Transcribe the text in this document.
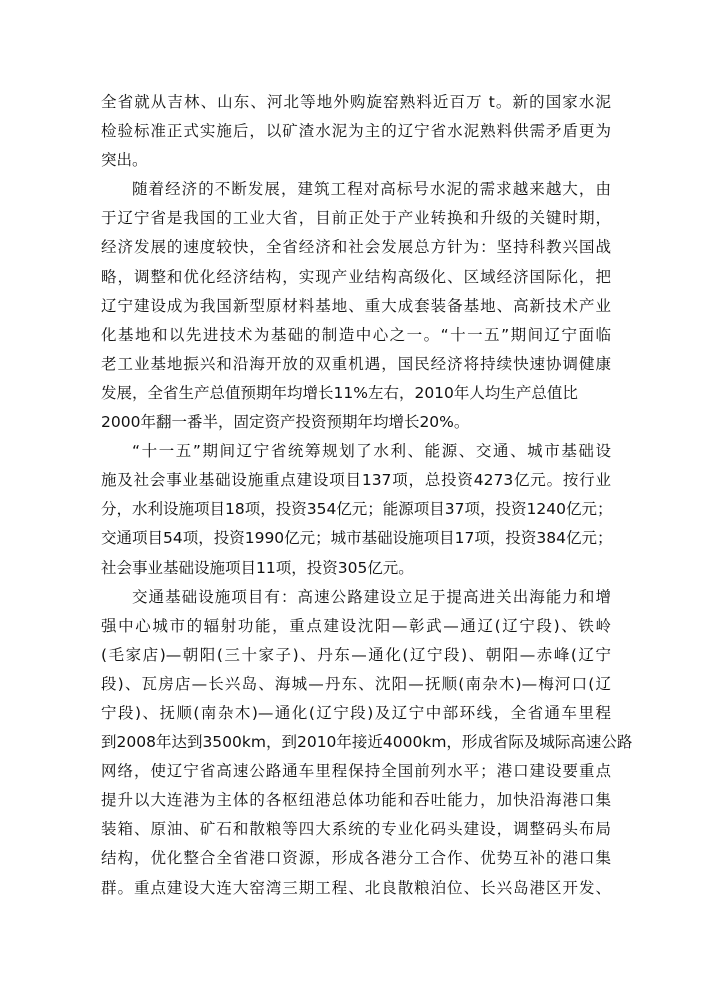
全省就从吉林、山东、河北等地外购旋窑熟料近百万 t。新的国家水泥
检验标准正式实施后，以矿渣水泥为主的辽宁省水泥熟料供需矛盾更为
突出。
随着经济的不断发展，建筑工程对高标号水泥的需求越来越大，由
于辽宁省是我国的工业大省，目前正处于产业转换和升级的关键时期，
经济发展的速度较快，全省经济和社会发展总方针为：坚持科教兴国战
略，调整和优化经济结构，实现产业结构高级化、区域经济国际化，把
辽宁建设成为我国新型原材料基地、重大成套装备基地、高新技术产业
化基地和以先进技术为基础的制造中心之一。“十一五”期间辽宁面临
老工业基地振兴和沿海开放的双重机遇，国民经济将持续快速协调健康
发展，全省生产总值预期年均增长11%左右，2010年人均生产总值比
2000年翻一番半，固定资产投资预期年均增长20%。
“十一五”期间辽宁省统筹规划了水利、能源、交通、城市基础设
施及社会事业基础设施重点建设项目137项，总投资4273亿元。按行业
分，水利设施项目18项，投资354亿元；能源项目37项，投资1240亿元；
交通项目54项，投资1990亿元；城市基础设施项目17项，投资384亿元；
社会事业基础设施项目11项，投资305亿元。
交通基础设施项目有：高速公路建设立足于提高进关出海能力和增
强中心城市的辐射功能，重点建设沈阳—彰武—通辽(辽宁段)、铁岭
(毛家店)—朝阳(三十家子)、丹东—通化(辽宁段)、朝阳—赤峰(辽宁
段)、瓦房店—长兴岛、海城—丹东、沈阳—抚顺(南杂木)—梅河口(辽
宁段)、抚顺(南杂木)—通化(辽宁段)及辽宁中部环线，全省通车里程
到2008年达到3500km，到2010年接近4000km，形成省际及城际高速公路
网络，使辽宁省高速公路通车里程保持全国前列水平；港口建设要重点
提升以大连港为主体的各枢纽港总体功能和吞吐能力，加快沿海港口集
装箱、原油、矿石和散粮等四大系统的专业化码头建设，调整码头布局
结构，优化整合全省港口资源，形成各港分工合作、优势互补的港口集
群。重点建设大连大窑湾三期工程、北良散粮泊位、长兴岛港区开发、
